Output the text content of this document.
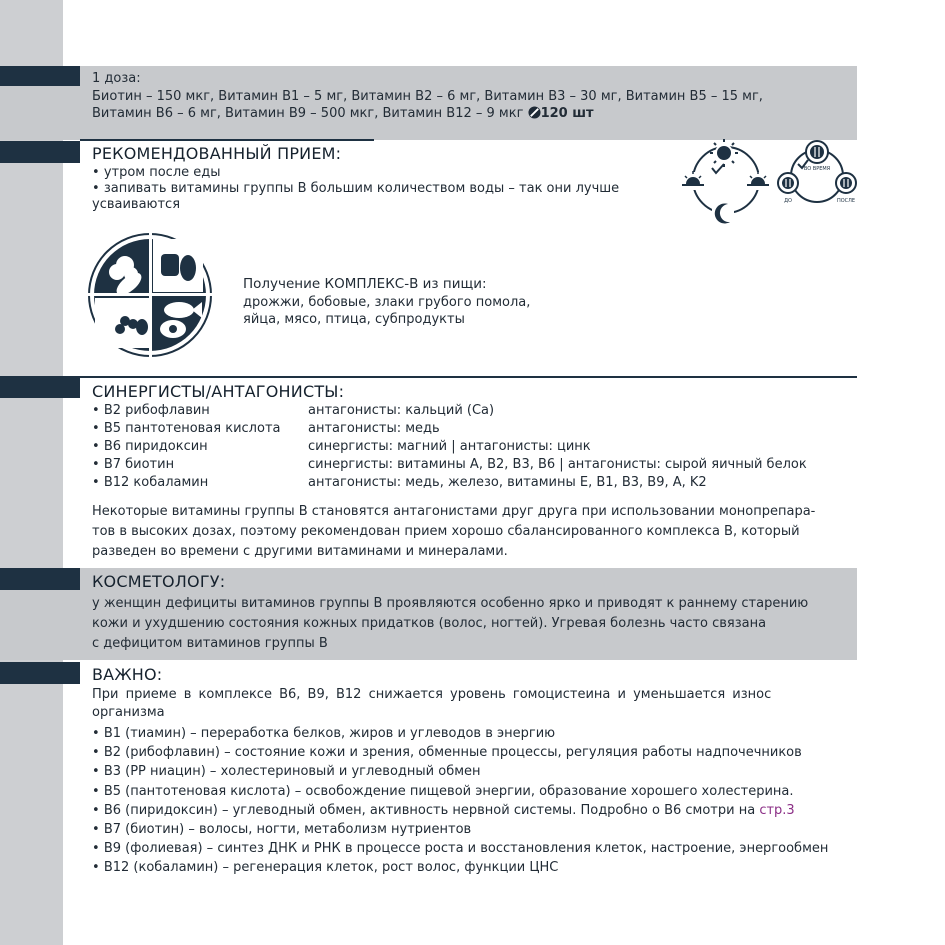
1 доза:
Биотин – 150 мкг, Витамин B1 – 5 мг, Витамин B2 – 6 мг, Витамин B3 – 30 мг, Витамин B5 – 15 мг,
Витамин B6 – 6 мг, Витамин B9 – 500 мкг, Витамин B12 – 9 мкг 120 шт
РЕКОМЕНДОВАННЫЙ ПРИЕМ:
• утром после еды
• запивать витамины группы В большим количеством воды – так они лучше усваиваются
ВО ВРЕМЯ
ДО	ПОСЛЕ
Получение КОМПЛЕКС-В из пищи:
дрожжи, бобовые, злаки грубого помола,
яйца, мясо, птица, субпродукты
СИНЕРГИСТЫ/АНТАГОНИСТЫ:
• B2 рибофлавин	антагонисты: кальций (Ca)
• B5 пантотеновая кислота	антагонисты: медь
• B6 пиридоксин	синергисты: магний | антагонисты: цинк
• B7 биотин	синергисты: витамины A, B2, B3, B6 | антагонисты: сырой яичный белок
• B12 кобаламин	антагонисты: медь, железо, витамины E, B1, B3, B9, A, K2
Некоторые витамины группы В становятся антагонистами друг друга при использовании монопрепара-
тов в высоких дозах, поэтому рекомендован прием хорошо сбалансированного комплекса В, который
разведен во времени с другими витаминами и минералами.
КОСМЕТОЛОГУ:
у женщин дефициты витаминов группы В проявляются особенно ярко и приводят к раннему старению
кожи и ухудшению состояния кожных придатков (волос, ногтей). Угревая болезнь часто связана
с дефицитом витаминов группы В
ВАЖНО:
При приеме в комплексе B6, B9, B12 снижается уровень гомоцистеина и уменьшается износ
организма
• B1 (тиамин) – переработка белков, жиров и углеводов в энергию
• B2 (рибофлавин) – состояние кожи и зрения, обменные процессы, регуляция работы надпочечников
• B3 (PP ниацин) – холестериновый и углеводный обмен
• B5 (пантотеновая кислота) – освобождение пищевой энергии, образование хорошего холестерина.
• B6 (пиридоксин) – углеводный обмен, активность нервной системы. Подробно о В6 смотри на стр.3
• B7 (биотин) – волосы, ногти, метаболизм нутриентов
• B9 (фолиевая) – синтез ДНК и РНК в процессе роста и восстановления клеток, настроение, энергообмен
• B12 (кобаламин) – регенерация клеток, рост волос, функции ЦНС
